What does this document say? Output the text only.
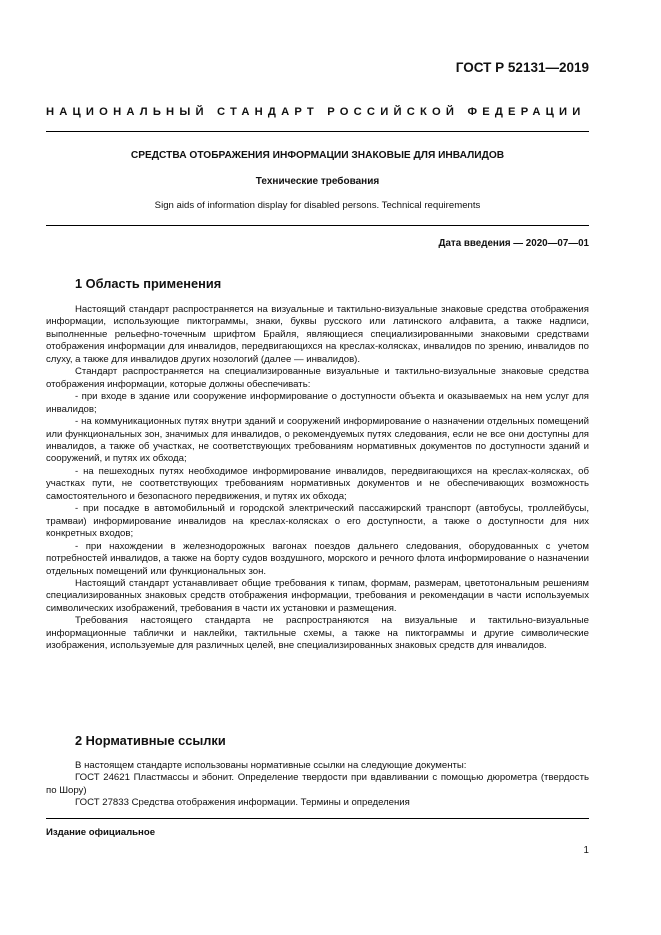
ГОСТ Р 52131—2019
НАЦИОНАЛЬНЫЙ СТАНДАРТ РОССИЙСКОЙ ФЕДЕРАЦИИ
СРЕДСТВА ОТОБРАЖЕНИЯ ИНФОРМАЦИИ ЗНАКОВЫЕ ДЛЯ ИНВАЛИДОВ
Технические требования
Sign aids of information display for disabled persons. Technical requirements
Дата введения — 2020—07—01
1 Область применения

Настоящий стандарт распространяется на визуальные и тактильно-визуальные знаковые средства отображения информации, использующие пиктограммы, знаки, буквы русского или латинского алфавита, а также надписи, выполненные рельефно-точечным шрифтом Брайля, являющиеся специализированными знаковыми средствами отображения информации для инвалидов, передвигающихся на креслах-колясках, инвалидов по зрению, инвалидов по слуху, а также для инвалидов других нозологий (далее — инвалидов).

Стандарт распространяется на специализированные визуальные и тактильно-визуальные знаковые средства отображения информации, которые должны обеспечивать:

- при входе в здание или сооружение информирование о доступности объекта и оказываемых на нем услуг для инвалидов;

- на коммуникационных путях внутри зданий и сооружений информирование о назначении отдельных помещений или функциональных зон, значимых для инвалидов, о рекомендуемых путях следования, если не все они доступны для инвалидов, а также об участках, не соответствующих требованиям нормативных документов по доступности зданий и сооружений, и путях их обхода;

- на пешеходных путях необходимое информирование инвалидов, передвигающихся на креслах-колясках, об участках пути, не соответствующих требованиям нормативных документов и не обеспечивающих возможность самостоятельного и безопасного передвижения, и путях их обхода;

- при посадке в автомобильный и городской электрический пассажирский транспорт (автобусы, троллейбусы, трамваи) информирование инвалидов на креслах-колясках о его доступности, а также о доступности для них конкретных входов;

- при нахождении в железнодорожных вагонах поездов дальнего следования, оборудованных с учетом потребностей инвалидов, а также на борту судов воздушного, морского и речного флота информирование о назначении отдельных помещений или функциональных зон.

Настоящий стандарт устанавливает общие требования к типам, формам, размерам, цветотональным решениям специализированных знаковых средств отображения информации, требования и рекомендации в части используемых символических изображений, требования в части их установки и размещения.

Требования настоящего стандарта не распространяются на визуальные и тактильно-визуальные информационные таблички и наклейки, тактильные схемы, а также на пиктограммы и другие символические изображения, используемые для различных целей, вне специализированных знаковых средств для инвалидов.

2 Нормативные ссылки

В настоящем стандарте использованы нормативные ссылки на следующие документы:

ГОСТ 24621 Пластмассы и эбонит. Определение твердости при вдавливании с помощью дюрометра (твердость по Шору)

ГОСТ 27833 Средства отображения информации. Термины и определения

Издание официальное
1
